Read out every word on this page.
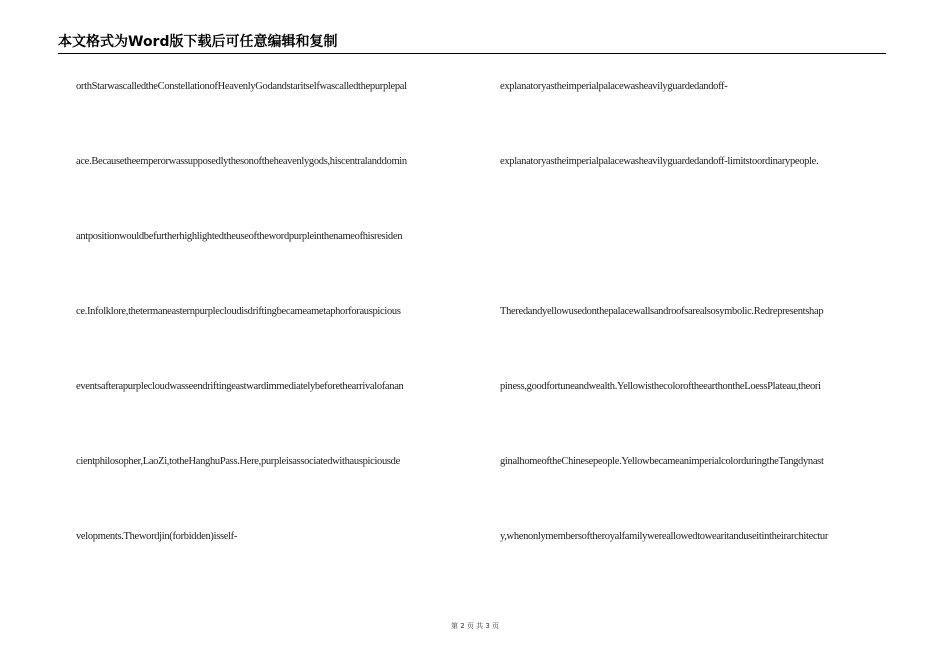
本文格式为Word版下载后可任意编辑和复制
orthStarwascalledtheConstellationofHeavenlyGodandstaritselfwascalledthepurplepal
ace.Becausetheemperorwassupposedlythesonoftheheavenlygods,hiscentralanddomin
antpositionwouldbefurtherhighlightedtheuseofthewordpurpleinthenameofhisresiden
ce.Infolklore,thetermaneasternpurplecloudisdriftingbecameametaphorforauspicious
eventsafterapurplecloudwasseendriftingeastwardimmediatelybeforethearrivalofanan
cientphilosopher,LaoZi,totheHanghuPass.Here,purpleisassociatedwithauspiciousde
velopments.Thewordjin(forbidden)isself-
explanatoryastheimperialpalacewasheavilyguardedandoff-
explanatoryastheimperialpalacewasheavilyguardedandoff-limitstoordinarypeople.
Theredandyellowusedonthepalacewallsandroofsarealsosymbolic.Redrepresentshap
piness,goodfortuneandwealth.YellowisthecoloroftheearthontheLoessPlateau,theori
ginalhomeoftheChinesepeople.YellowbecameanimperialcolorduringtheTangdynast
y,whenonlymembersoftheroyalfamilywereallowedtowearitanduseitintheirarchitectur
第 2 页 共 3 页
